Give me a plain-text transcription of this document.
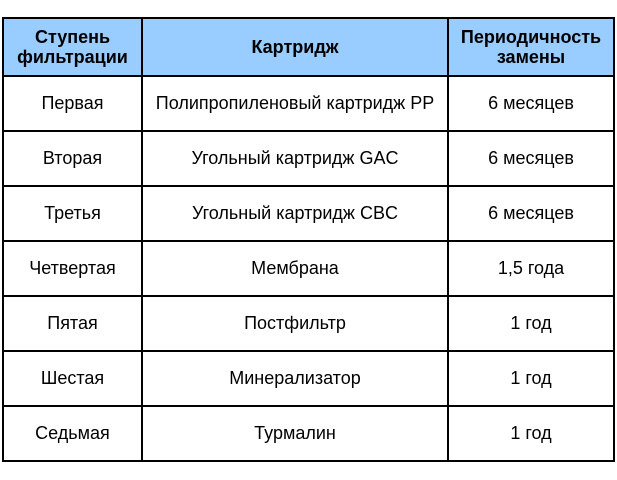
Ступень фильтрации	Картридж	Периодичность замены
Первая	Полипропиленовый картридж PP	6 месяцев
Вторая	Угольный картридж GAC	6 месяцев
Третья	Угольный картридж CBC	6 месяцев
Четвертая	Мембрана	1,5 года
Пятая	Постфильтр	1 год
Шестая	Минерализатор	1 год
Седьмая	Турмалин	1 год
